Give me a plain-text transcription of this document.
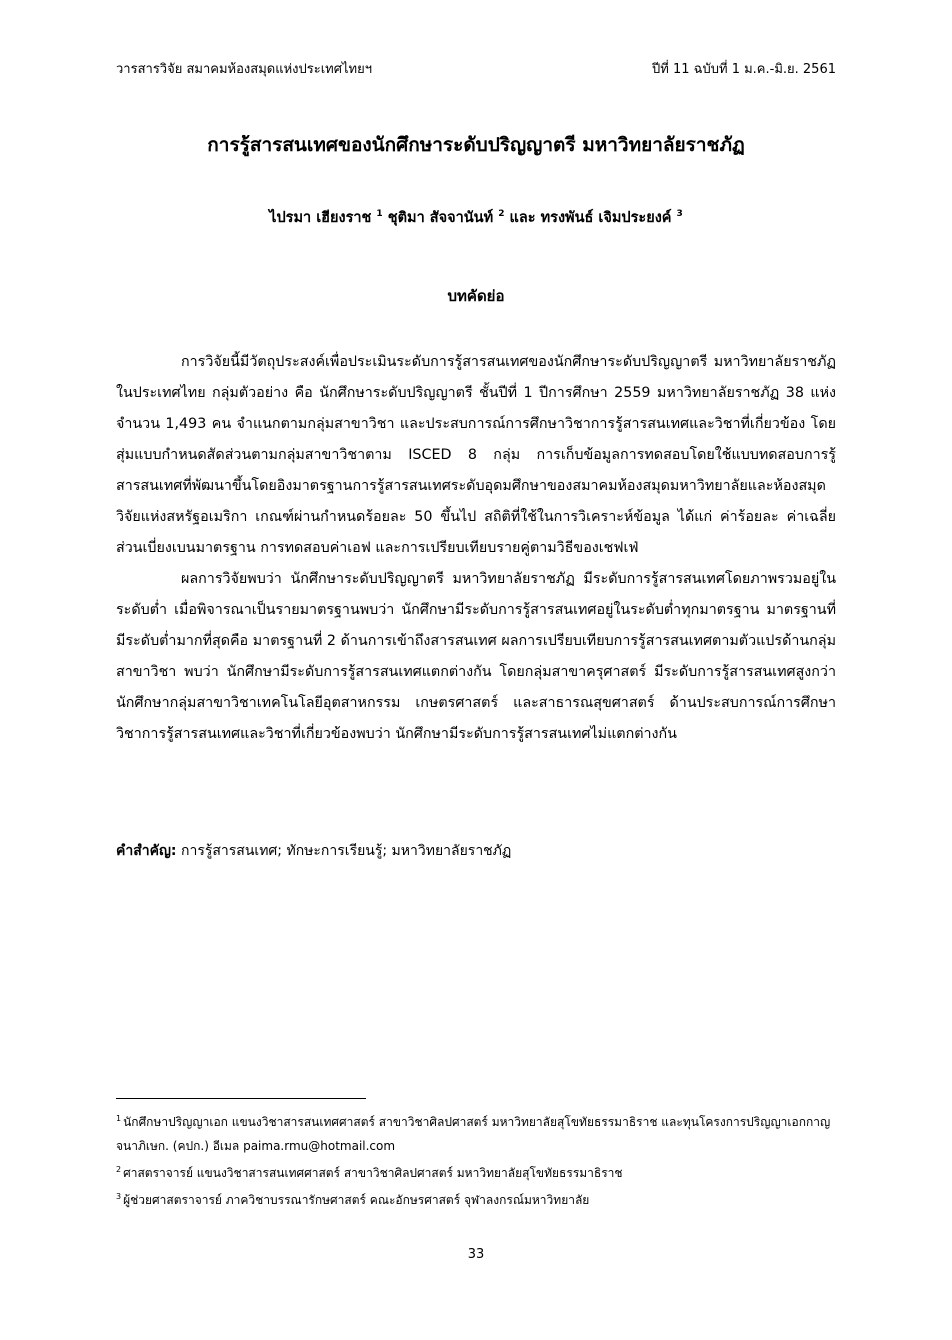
วารสารวิจัย สมาคมห้องสมุดแห่งประเทศไทยฯ	ปีที่ 11 ฉบับที่ 1 ม.ค.-มิ.ย. 2561
การรู้สารสนเทศของนักศึกษาระดับปริญญาตรี มหาวิทยาลัยราชภัฏ
ไปรมา เฮียงราช $^1$ ชุติมา สัจจานันท์ $^2$ และ ทรงพันธ์ เจิมประยงค์ $^3$
บทคัดย่อ

การวิจัยนี้มีวัตถุประสงค์เพื่อประเมินระดับการรู้สารสนเทศของนักศึกษาระดับปริญญาตรี มหาวิทยาลัยราชภัฏในประเทศไทย กลุ่มตัวอย่าง คือ นักศึกษาระดับปริญญาตรี ชั้นปีที่ 1 ปีการศึกษา 2559 มหาวิทยาลัยราชภัฏ 38 แห่ง จำนวน 1,493 คน จำแนกตามกลุ่มสาขาวิชา และประสบการณ์การศึกษาวิชาการรู้สารสนเทศและวิชาที่เกี่ยวข้อง โดยสุ่มแบบกำหนดสัดส่วนตามกลุ่มสาขาวิชาตาม ISCED 8 กลุ่ม การเก็บข้อมูลการทดสอบโดยใช้แบบทดสอบการรู้สารสนเทศที่พัฒนาขึ้นโดยอิงมาตรฐานการรู้สารสนเทศระดับอุดมศึกษาของสมาคมห้องสมุดมหาวิทยาลัยและห้องสมุดวิจัยแห่งสหรัฐอเมริกา เกณฑ์ผ่านกำหนดร้อยละ 50 ขึ้นไป สถิติที่ใช้ในการวิเคราะห์ข้อมูล ได้แก่ ค่าร้อยละ ค่าเฉลี่ย ส่วนเบี่ยงเบนมาตรฐาน การทดสอบค่าเอฟ และการเปรียบเทียบรายคู่ตามวิธีของเชฟเฟ่

ผลการวิจัยพบว่า นักศึกษาระดับปริญญาตรี มหาวิทยาลัยราชภัฏ มีระดับการรู้สารสนเทศโดยภาพรวมอยู่ในระดับต่ำ เมื่อพิจารณาเป็นรายมาตรฐานพบว่า นักศึกษามีระดับการรู้สารสนเทศอยู่ในระดับต่ำทุกมาตรฐาน มาตรฐานที่มีระดับต่ำมากที่สุดคือ มาตรฐานที่ 2 ด้านการเข้าถึงสารสนเทศ ผลการเปรียบเทียบการรู้สารสนเทศตามตัวแปรด้านกลุ่มสาขาวิชา พบว่า นักศึกษามีระดับการรู้สารสนเทศแตกต่างกัน โดยกลุ่มสาขาครุศาสตร์ มีระดับการรู้สารสนเทศสูงกว่านักศึกษากลุ่มสาขาวิชาเทคโนโลยีอุตสาหกรรม เกษตรศาสตร์ และสาธารณสุขศาสตร์ ด้านประสบการณ์การศึกษาวิชาการรู้สารสนเทศและวิชาที่เกี่ยวข้องพบว่า นักศึกษามีระดับการรู้สารสนเทศไม่แตกต่างกัน

คำสำคัญ: การรู้สารสนเทศ; ทักษะการเรียนรู้; มหาวิทยาลัยราชภัฏ

$^1$ นักศึกษาปริญญาเอก แขนงวิชาสารสนเทศศาสตร์ สาขาวิชาศิลปศาสตร์ มหาวิทยาลัยสุโขทัยธรรมาธิราช และทุนโครงการปริญญาเอกกาญจนาภิเษก. (คปก.) อีเมล paima.rmu@hotmail.com

$^2$ ศาสตราจารย์ แขนงวิชาสารสนเทศศาสตร์ สาขาวิชาศิลปศาสตร์ มหาวิทยาลัยสุโขทัยธรรมาธิราช

$^3$ ผู้ช่วยศาสตราจารย์ ภาควิชาบรรณารักษศาสตร์ คณะอักษรศาสตร์ จุฬาลงกรณ์มหาวิทยาลัย

33
